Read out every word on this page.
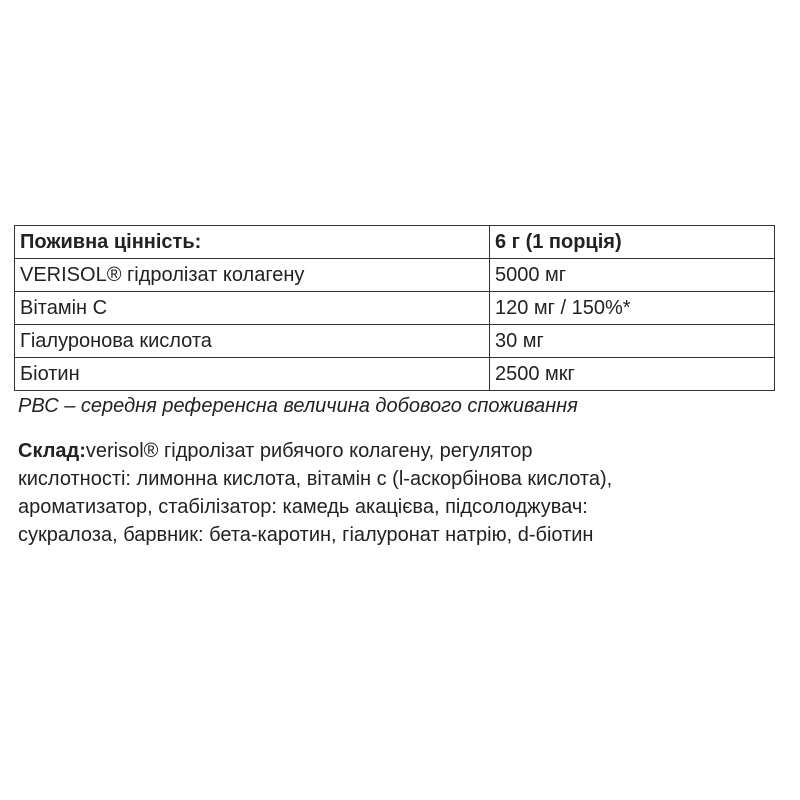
Поживна цінність:	6 г (1 порція)
VERISOL® гідролізат колагену	5000 мг
Вітамін С	120 мг / 150%*
Гіалуронова кислота	30 мг
Біотин	2500 мкг
РВС – середня референсна величина добового споживання
Склад:verisol® гідролізат рибячого колагену, регулятор
кислотності: лимонна кислота, вітамін с (l-аскорбінова кислота),
ароматизатор, стабілізатор: камедь акацієва, підсолоджувач:
сукралоза, барвник: бета-каротин, гіалуронат натрію, d-біотин
